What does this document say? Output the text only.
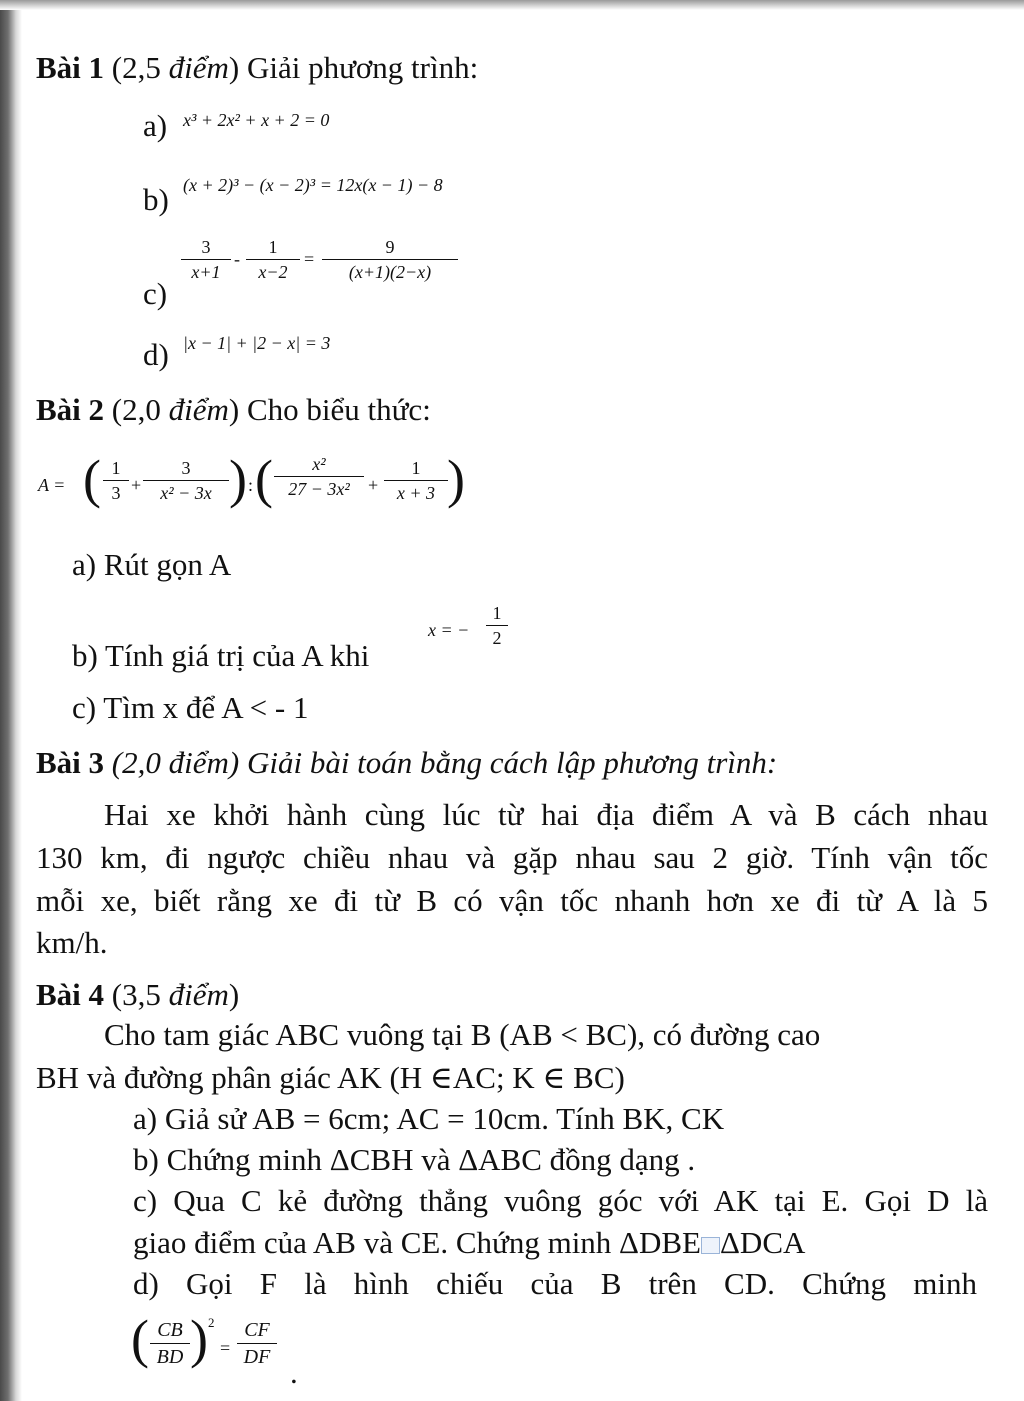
Bài 1 (2,5 điểm) Giải phương trình:
a) x³ + 2x² + x + 2 = 0
b) (x + 2)³ − (x − 2)³ = 12x(x − 1) − 8
c)
3
x+1
-
1
x−2
=
9
(x+1)(2−x)
d) |x − 1| + |2 − x| = 3
Bài 2 (2,0 điểm) Cho biểu thức:
A = ( 1
3 +
3
x² − 3x ) : (	x²
27 − 3x²	+
1
x + 3 )
a) Rút gọn A
b) Tính giá trị của A khi
x = −
1
2
c) Tìm x để A < - 1
Bài 3 (2,0 điểm) Giải bài toán bằng cách lập phương trình:
Hai xe khởi hành cùng lúc từ hai địa điểm A và B cách nhau
130 km, đi ngược chiều nhau và gặp nhau sau 2 giờ. Tính vận tốc
mỗi xe, biết rằng xe đi từ B có vận tốc nhanh hơn xe đi từ A là 5
km/h.
Bài 4 (3,5 điểm)
Cho tam giác ABC vuông tại B (AB < BC), có đường cao
BH và đường phân giác AK (H ∈AC; K ∈ BC)
a) Giả sử AB = 6cm; AC = 10cm. Tính BK, CK
b) Chứng minh ΔCBH và ΔABC đồng dạng .
c) Qua C kẻ đường thẳng vuông góc với AK tại E. Gọi D là
giao điểm của AB và CE. Chứng minh ΔDBE ΔDCA
d) Gọi F là hình chiếu của B trên CD. Chứng minh
( CB
BD ) 2
=
CF
DF .
